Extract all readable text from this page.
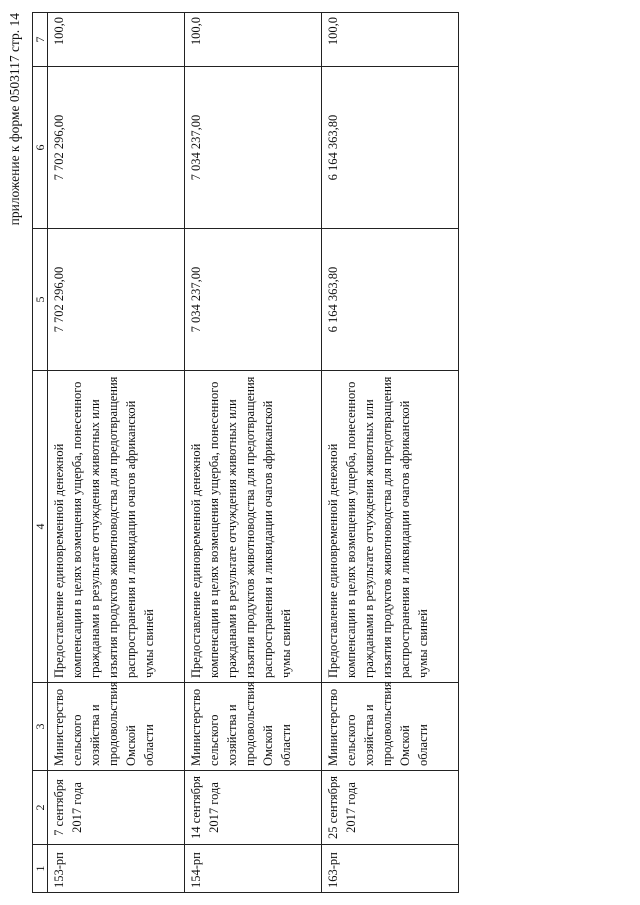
приложение к форме 0503117 стр. 14
1	2	3	4	5	6	7
153-рп	7 сентября 2017 года	Министерство сельского хозяйства и продовольствия Омской области	Предоставление единовременной денежной компенсации в целях возмещения ущерба, понесенного гражданами в результате отчуждения животных или изъятия продуктов животноводства для предотвращения распространения и ликвидации очагов африканской чумы свиней	7 702 296,00	7 702 296,00	100,0
154-рп	14 сентября 2017 года	Министерство сельского хозяйства и продовольствия Омской области	Предоставление единовременной денежной компенсации в целях возмещения ущерба, понесенного гражданами в результате отчуждения животных или изъятия продуктов животноводства для предотвращения распространения и ликвидации очагов африканской чумы свиней	7 034 237,00	7 034 237,00	100,0
163-рп	25 сентября 2017 года	Министерство сельского хозяйства и продовольствия Омской области	Предоставление единовременной денежной компенсации в целях возмещения ущерба, понесенного гражданами в результате отчуждения животных или изъятия продуктов животноводства для предотвращения распространения и ликвидации очагов африканской чумы свиней	6 164 363,80	6 164 363,80	100,0
